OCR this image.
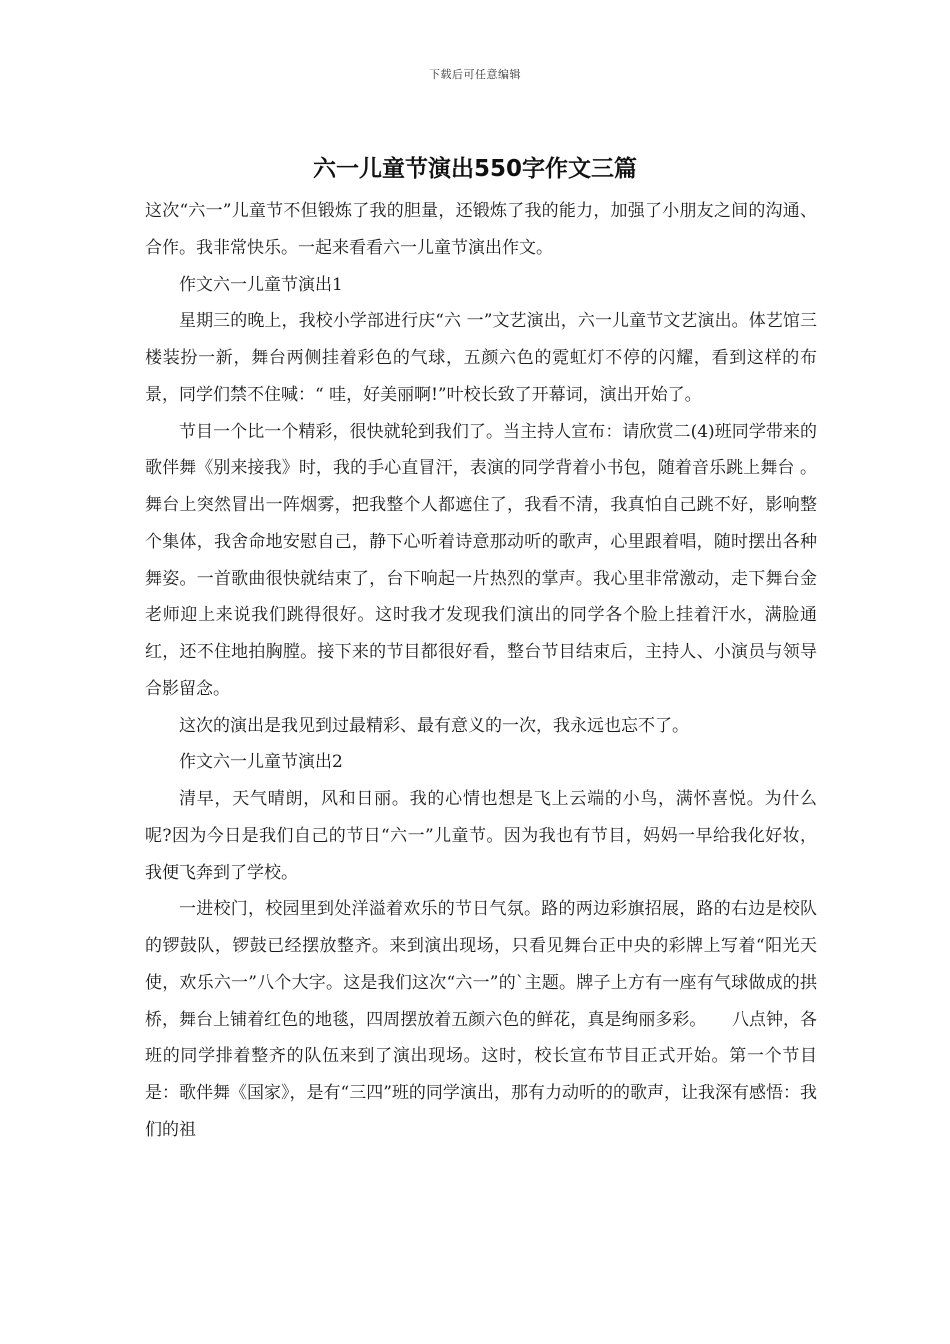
下载后可任意编辑
六一儿童节演出550字作文三篇

这次“六一”儿童节不但锻炼了我的胆量，还锻炼了我的能力，加强了小朋友之间的沟通、合作。我非常快乐。一起来看看六一儿童节演出作文。

作文六一儿童节演出1

星期三的晚上，我校小学部进行庆“六 一”文艺演出，六一儿童节文艺演出。体艺馆三楼装扮一新，舞台两侧挂着彩色的气球，五颜六色的霓虹灯不停的闪耀，看到这样的布景，同学们禁不住喊：“ 哇，好美丽啊!”叶校长致了开幕词，演出开始了。

节目一个比一个精彩，很快就轮到我们了。当主持人宣布：请欣赏二(4)班同学带来的歌伴舞《别来接我》时，我的手心直冒汗，表演的同学背着小书包，随着音乐跳上舞台 。舞台上突然冒出一阵烟雾，把我整个人都遮住了，我看不清，我真怕自己跳不好，影响整个集体，我舍命地安慰自己，静下心听着诗意那动听的歌声，心里跟着唱，随时摆出各种舞姿。一首歌曲很快就结束了，台下响起一片热烈的掌声。我心里非常激动，走下舞台金老师迎上来说我们跳得很好。这时我才发现我们演出的同学各个脸上挂着汗水，满脸通红，还不住地拍胸膛。接下来的节目都很好看，整台节目结束后，主持人、小演员与领导合影留念。

这次的演出是我见到过最精彩、最有意义的一次，我永远也忘不了。

作文六一儿童节演出2

清早，天气晴朗，风和日丽。我的心情也想是飞上云端的小鸟，满怀喜悦。为什么呢?因为今日是我们自己的节日“六一”儿童节。因为我也有节目，妈妈一早给我化好妆，我便飞奔到了学校。

一进校门，校园里到处洋溢着欢乐的节日气氛。路的两边彩旗招展，路的右边是校队的锣鼓队，锣鼓已经摆放整齐。来到演出现场，只看见舞台正中央的彩牌上写着“阳光天使，欢乐六一”八个大字。这是我们这次“六一”的`主题。牌子上方有一座有气球做成的拱桥，舞台上铺着红色的地毯，四周摆放着五颜六色的鲜花，真是绚丽多彩。　　八点钟，各班的同学排着整齐的队伍来到了演出现场。这时，校长宣布节目正式开始。第一个节目是：歌伴舞《国家》，是有“三四”班的同学演出，那有力动听的的歌声，让我深有感悟：我们的祖
